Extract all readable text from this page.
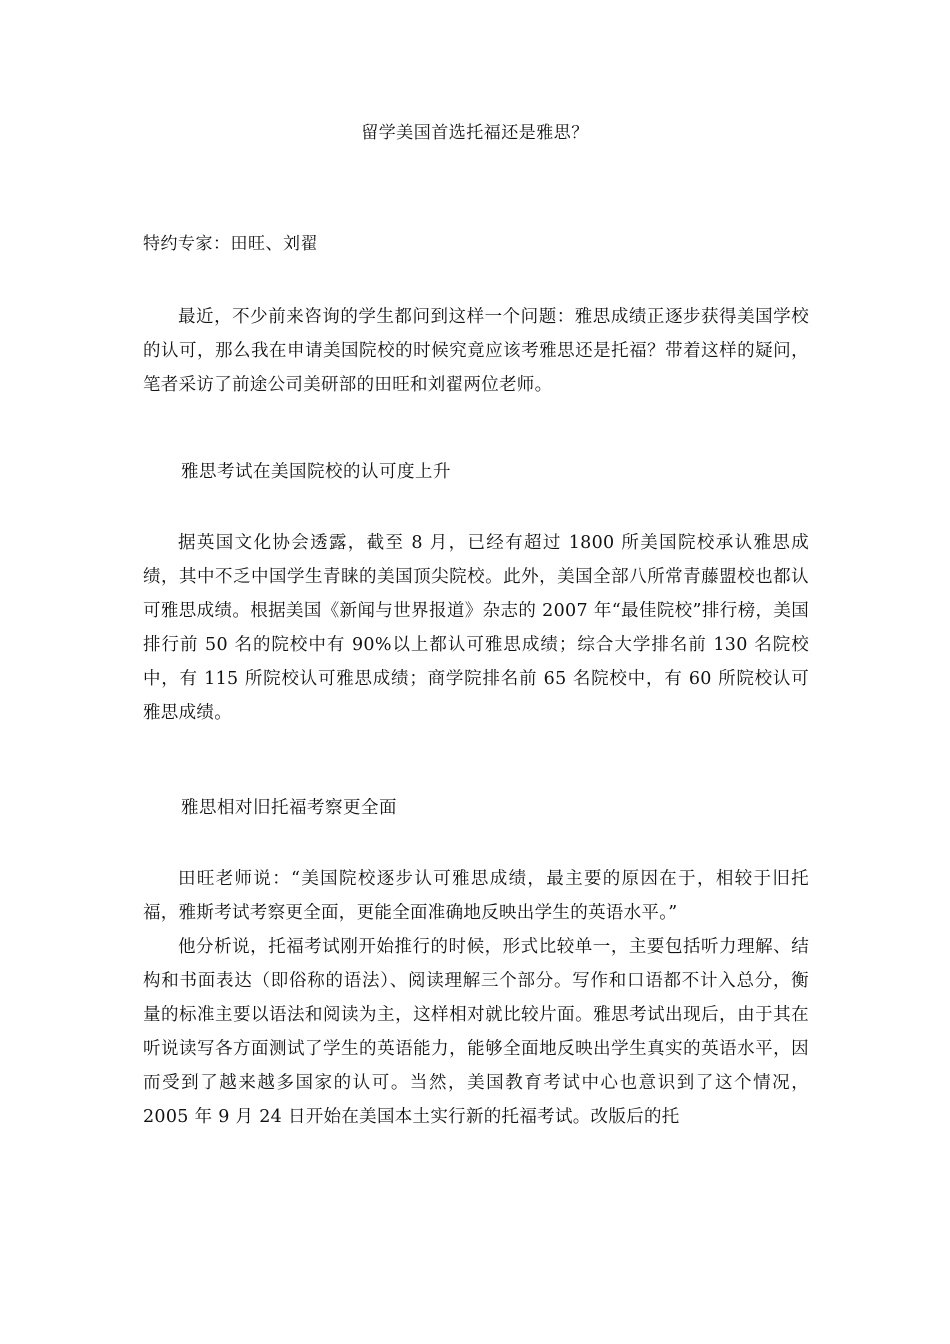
留学美国首选托福还是雅思？
特约专家：田旺、刘翟

最近，不少前来咨询的学生都问到这样一个问题：雅思成绩正逐步获得美国学校的认可，那么我在申请美国院校的时候究竟应该考雅思还是托福？带着这样的疑问，笔者采访了前途公司美研部的田旺和刘翟两位老师。

雅思考试在美国院校的认可度上升

据英国文化协会透露，截至 8 月，已经有超过 1800 所美国院校承认雅思成绩，其中不乏中国学生青睐的美国顶尖院校。此外，美国全部八所常青藤盟校也都认可雅思成绩。根据美国《新闻与世界报道》杂志的 2007 年“最佳院校”排行榜，美国排行前 50 名的院校中有 90%以上都认可雅思成绩；综合大学排名前 130 名院校中，有 115 所院校认可雅思成绩；商学院排名前 65 名院校中，有 60 所院校认可雅思成绩。

雅思相对旧托福考察更全面

田旺老师说：“美国院校逐步认可雅思成绩，最主要的原因在于，相较于旧托福，雅斯考试考察更全面，更能全面准确地反映出学生的英语水平。”

他分析说，托福考试刚开始推行的时候，形式比较单一，主要包括听力理解、结构和书面表达（即俗称的语法）、阅读理解三个部分。写作和口语都不计入总分，衡量的标准主要以语法和阅读为主，这样相对就比较片面。雅思考试出现后，由于其在听说读写各方面测试了学生的英语能力，能够全面地反映出学生真实的英语水平，因而受到了越来越多国家的认可。当然，美国教育考试中心也意识到了这个情况，2005 年 9 月 24 日开始在美国本土实行新的托福考试。改版后的托
